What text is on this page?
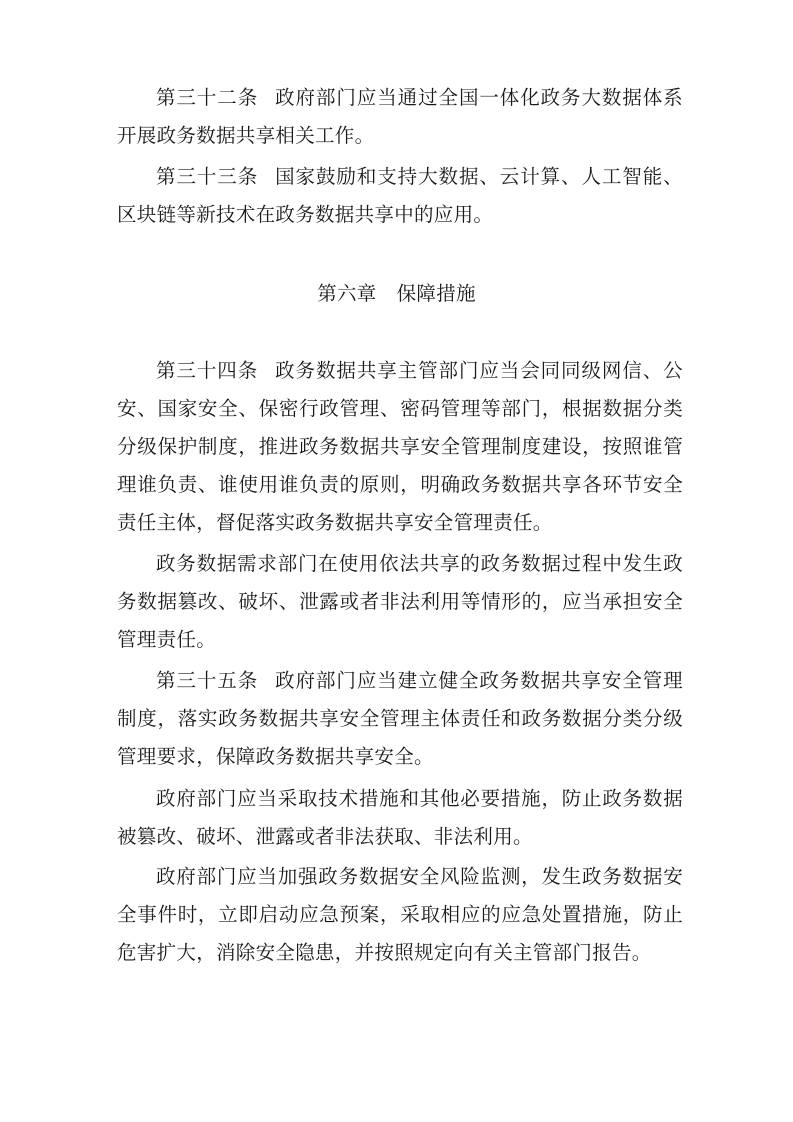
第三十二条 政府部门应当通过全国一体化政务大数据体系开展政务数据共享相关工作。

第三十三条 国家鼓励和支持大数据、云计算、人工智能、区块链等新技术在政务数据共享中的应用。

第六章 保障措施

第三十四条 政务数据共享主管部门应当会同同级网信、公安、国家安全、保密行政管理、密码管理等部门，根据数据分类分级保护制度，推进政务数据共享安全管理制度建设，按照谁管理谁负责、谁使用谁负责的原则，明确政务数据共享各环节安全责任主体，督促落实政务数据共享安全管理责任。

政务数据需求部门在使用依法共享的政务数据过程中发生政务数据篡改、破坏、泄露或者非法利用等情形的，应当承担安全管理责任。

第三十五条 政府部门应当建立健全政务数据共享安全管理制度，落实政务数据共享安全管理主体责任和政务数据分类分级管理要求，保障政务数据共享安全。

政府部门应当采取技术措施和其他必要措施，防止政务数据被篡改、破坏、泄露或者非法获取、非法利用。

政府部门应当加强政务数据安全风险监测，发生政务数据安全事件时，立即启动应急预案，采取相应的应急处置措施，防止危害扩大，消除安全隐患，并按照规定向有关主管部门报告。
